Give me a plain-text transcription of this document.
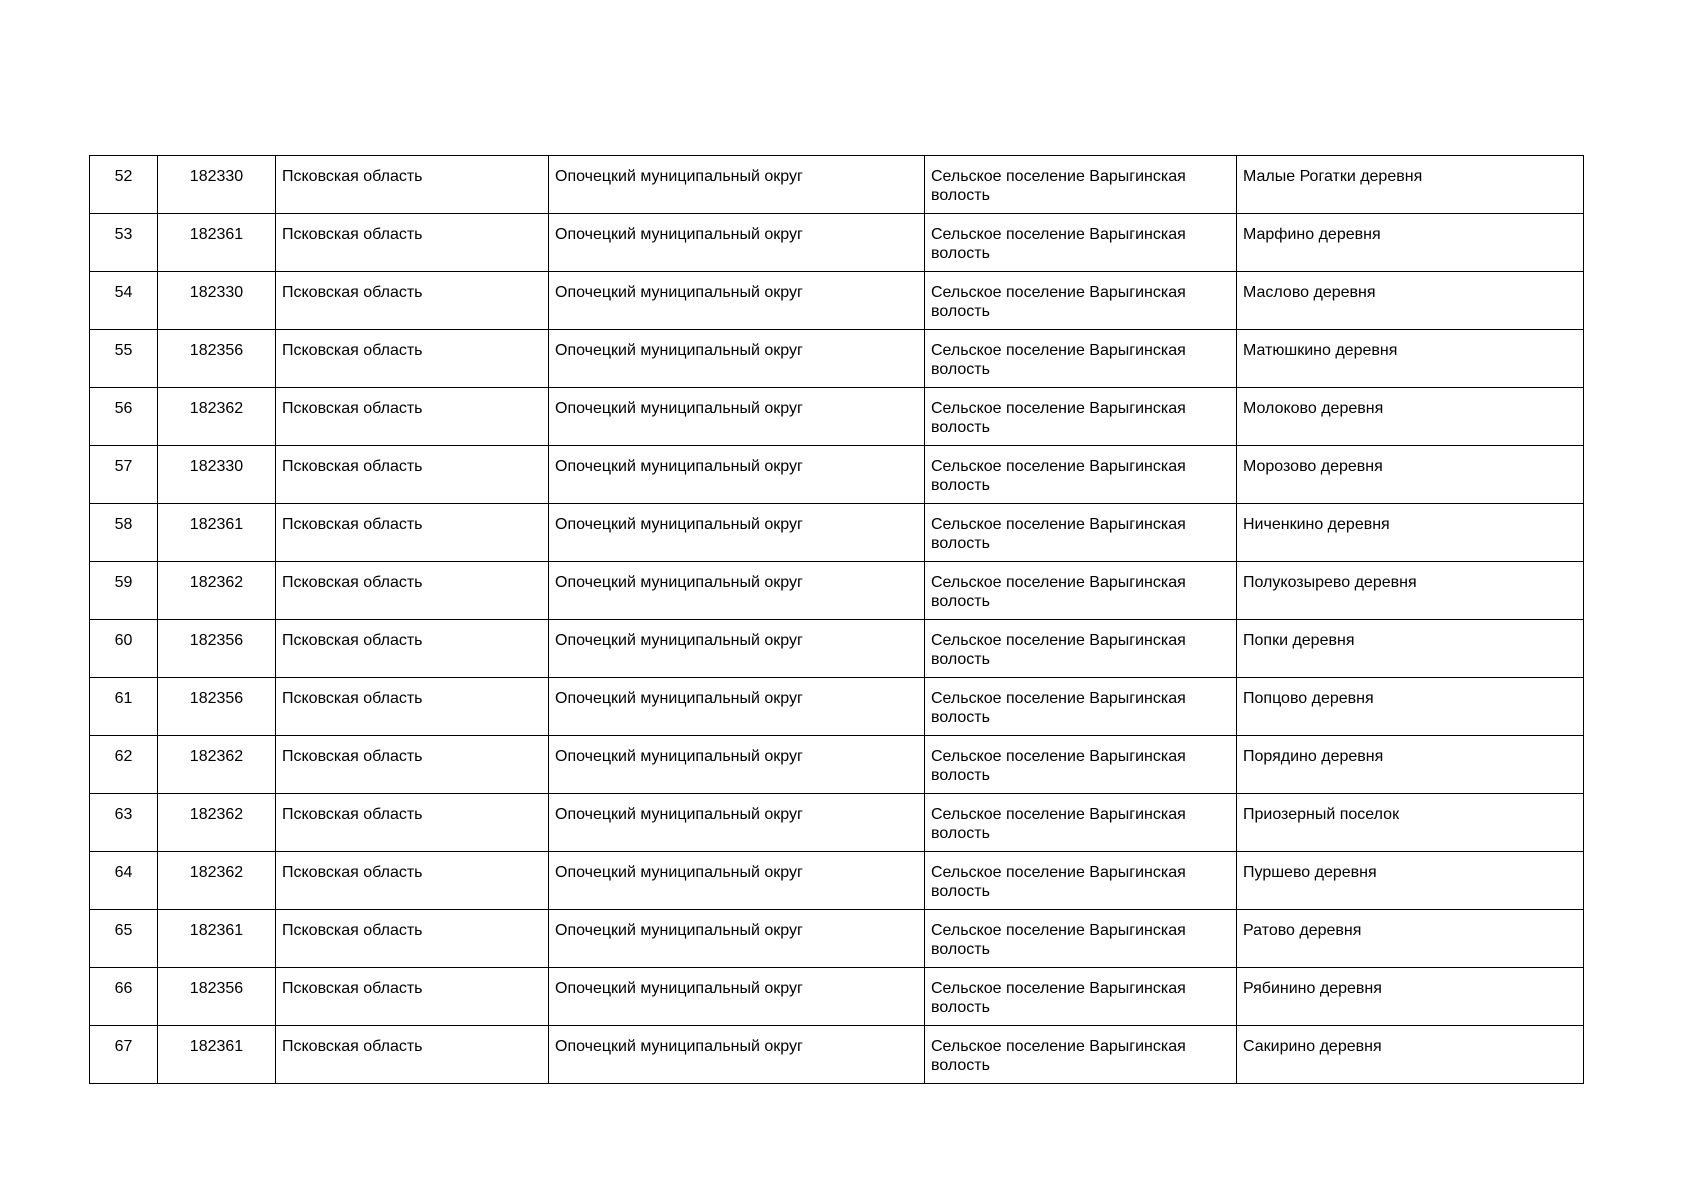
52	182330	Псковская область	Опочецкий муниципальный округ	Сельское поселение Варыгинская волость	Малые Рогатки деревня
53	182361	Псковская область	Опочецкий муниципальный округ	Сельское поселение Варыгинская волость	Марфино деревня
54	182330	Псковская область	Опочецкий муниципальный округ	Сельское поселение Варыгинская волость	Маслово деревня
55	182356	Псковская область	Опочецкий муниципальный округ	Сельское поселение Варыгинская волость	Матюшкино деревня
56	182362	Псковская область	Опочецкий муниципальный округ	Сельское поселение Варыгинская волость	Молоково деревня
57	182330	Псковская область	Опочецкий муниципальный округ	Сельское поселение Варыгинская волость	Морозово деревня
58	182361	Псковская область	Опочецкий муниципальный округ	Сельское поселение Варыгинская волость	Ниченкино деревня
59	182362	Псковская область	Опочецкий муниципальный округ	Сельское поселение Варыгинская волость	Полукозырево деревня
60	182356	Псковская область	Опочецкий муниципальный округ	Сельское поселение Варыгинская волость	Попки деревня
61	182356	Псковская область	Опочецкий муниципальный округ	Сельское поселение Варыгинская волость	Попцово деревня
62	182362	Псковская область	Опочецкий муниципальный округ	Сельское поселение Варыгинская волость	Порядино деревня
63	182362	Псковская область	Опочецкий муниципальный округ	Сельское поселение Варыгинская волость	Приозерный поселок
64	182362	Псковская область	Опочецкий муниципальный округ	Сельское поселение Варыгинская волость	Пуршево деревня
65	182361	Псковская область	Опочецкий муниципальный округ	Сельское поселение Варыгинская волость	Ратово деревня
66	182356	Псковская область	Опочецкий муниципальный округ	Сельское поселение Варыгинская волость	Рябинино деревня
67	182361	Псковская область	Опочецкий муниципальный округ	Сельское поселение Варыгинская волость	Сакирино деревня
